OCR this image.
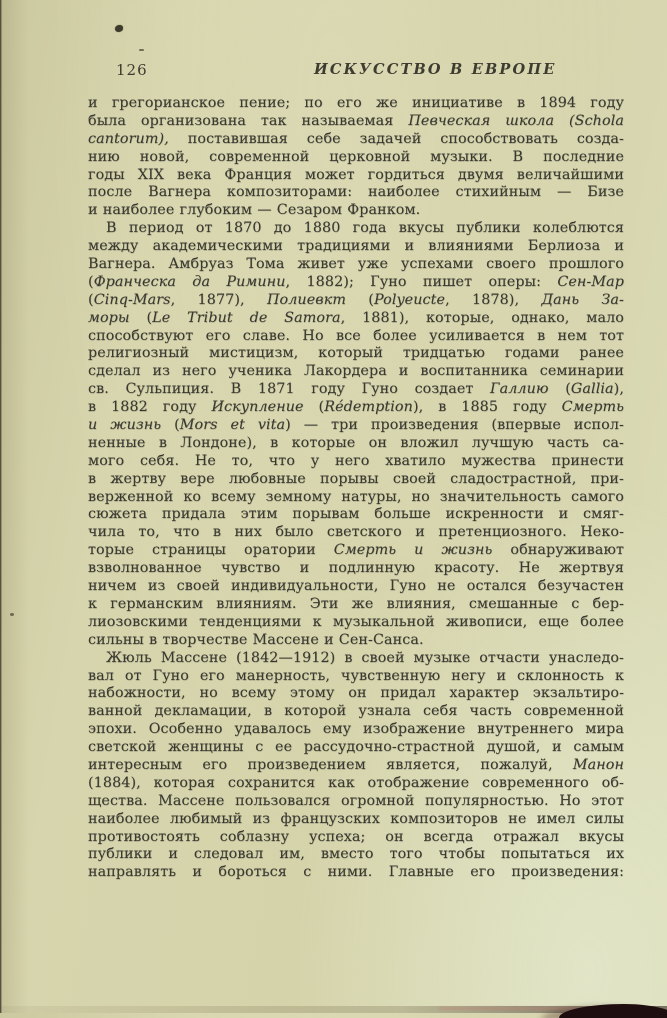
126	ИСКУССТВО В ЕВРОПЕ
и грегорианское пение; по его же инициативе в 1894 году
была организована так называемая Певческая школа (Schola
cantorum), поставившая себе задачей способствовать созда-
нию новой, современной церковной музыки. В последние
годы XIX века Франция может гордиться двумя величайшими
после Вагнера композиторами: наиболее стихийным — Бизе
и наиболее глубоким — Сезаром Франком.
В период от 1870 до 1880 года вкусы публики колеблются
между академическими традициями и влияниями Берлиоза и
Вагнера. Амбруаз Тома живет уже успехами своего прошлого
(Франческа да Римини, 1882); Гуно пишет оперы: Сен-Мар
(Cinq-Mars, 1877), Полиевкт (Polyeucte, 1878), Дань За-
моры (Le Tribut de Samora, 1881), которые, однако, мало
способствуют его славе. Но все более усиливается в нем тот
религиозный мистицизм, который тридцатью годами ранее
сделал из него ученика Лакордера и воспитанника семинарии
св. Сульпиция. В 1871 году Гуно создает Галлию (Gallia),
в 1882 году Искупление (Rédemption), в 1885 году Смерть
и жизнь (Mors et vita) — три произведения (впервые испол-
ненные в Лондоне), в которые он вложил лучшую часть са-
мого себя. Не то, что у него хватило мужества принести
в жертву вере любовные порывы своей сладострастной, при-
верженной ко всему земному натуры, но значительность самого
сюжета придала этим порывам больше искренности и смяг-
чила то, что в них было светского и претенциозного. Неко-
торые страницы оратории Смерть и жизнь обнаруживают
взволнованное чувство и подлинную красоту. Не жертвуя
ничем из своей индивидуальности, Гуно не остался безучастен
к германским влияниям. Эти же влияния, смешанные с бер-
лиозовскими тенденциями к музыкальной живописи, еще более
сильны в творчестве Массене и Сен-Санса.
Жюль Массене (1842—1912) в своей музыке отчасти унаследо-
вал от Гуно его манерность, чувственную негу и склонность к
набожности, но всему этому он придал характер экзальтиро-
ванной декламации, в которой узнала себя часть современной
эпохи. Особенно удавалось ему изображение внутреннего мира
светской женщины с ее рассудочно-страстной душой, и самым
интересным его произведением является, пожалуй, Манон
(1884), которая сохранится как отображение современного об-
щества. Массене пользовался огромной популярностью. Но этот
наиболее любимый из французских композиторов не имел силы
противостоять соблазну успеха; он всегда отражал вкусы
публики и следовал им, вместо того чтобы попытаться их
направлять и бороться с ними. Главные его произведения:
